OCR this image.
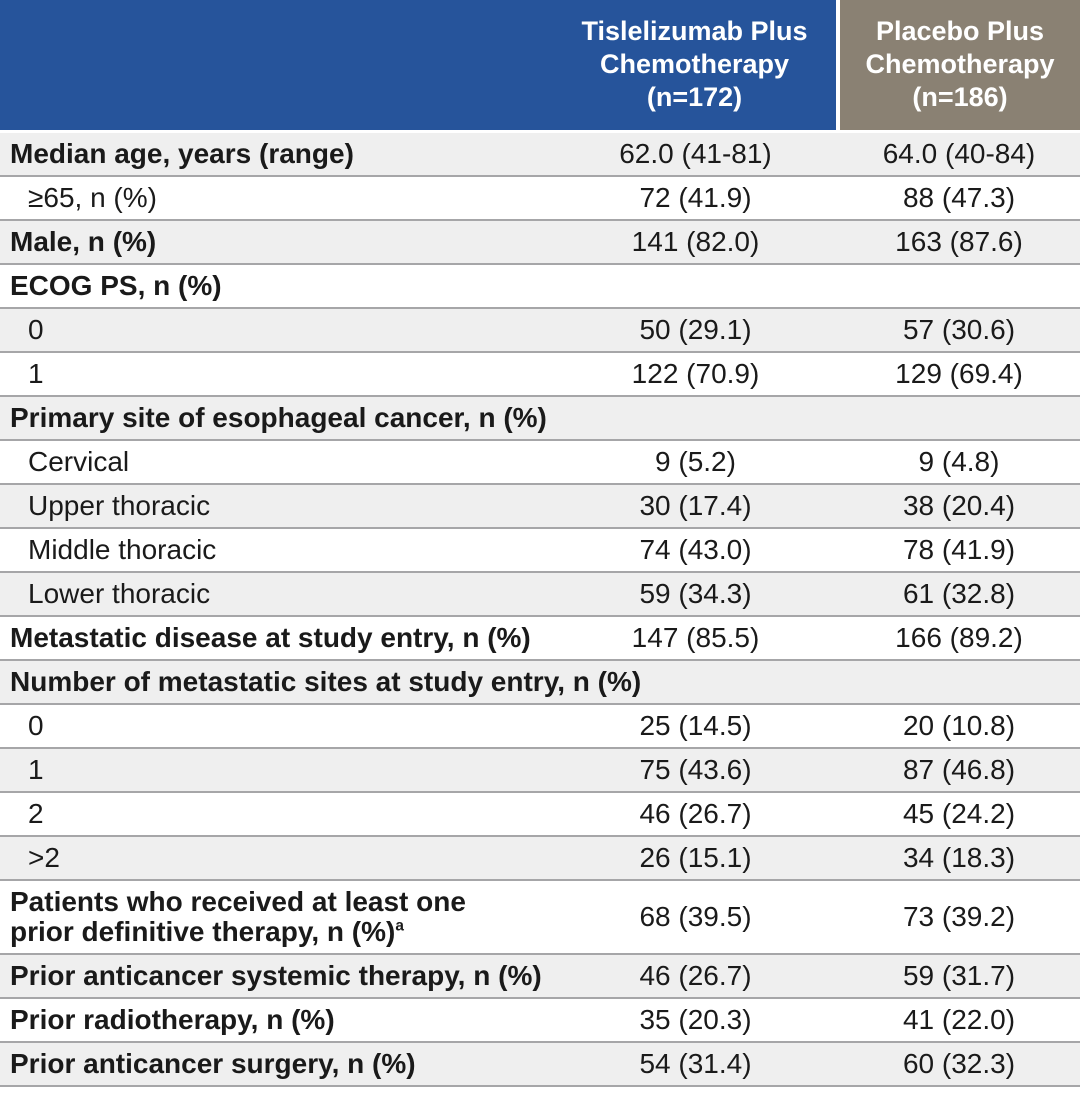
Tislelizumab Plus Chemotherapy
(n=172)

Placebo Plus Chemotherapy
(n=186)

Median age, years (range)	62.0 (41-81)	64.0 (40-84)
≥65, n (%)	72 (41.9)	88 (47.3)
Male, n (%)	141 (82.0)	163 (87.6)
ECOG PS, n (%)		
0	50 (29.1)	57 (30.6)
1	122 (70.9)	129 (69.4)
Primary site of esophageal cancer, n (%)		
Cervical	9 (5.2)	9 (4.8)
Upper thoracic	30 (17.4)	38 (20.4)
Middle thoracic	74 (43.0)	78 (41.9)
Lower thoracic	59 (34.3)	61 (32.8)
Metastatic disease at study entry, n (%)	147 (85.5)	166 (89.2)
Number of metastatic sites at study entry, n (%)		
0	25 (14.5)	20 (10.8)
1	75 (43.6)	87 (46.8)
2	46 (26.7)	45 (24.2)
>2	26 (15.1)	34 (18.3)
Patients who received at least one
prior definitive therapy, n (%)$^a$	68 (39.5)	73 (39.2)
Prior anticancer systemic therapy, n (%)	46 (26.7)	59 (31.7)
Prior radiotherapy, n (%)	35 (20.3)	41 (22.0)
Prior anticancer surgery, n (%)	54 (31.4)	60 (32.3)
